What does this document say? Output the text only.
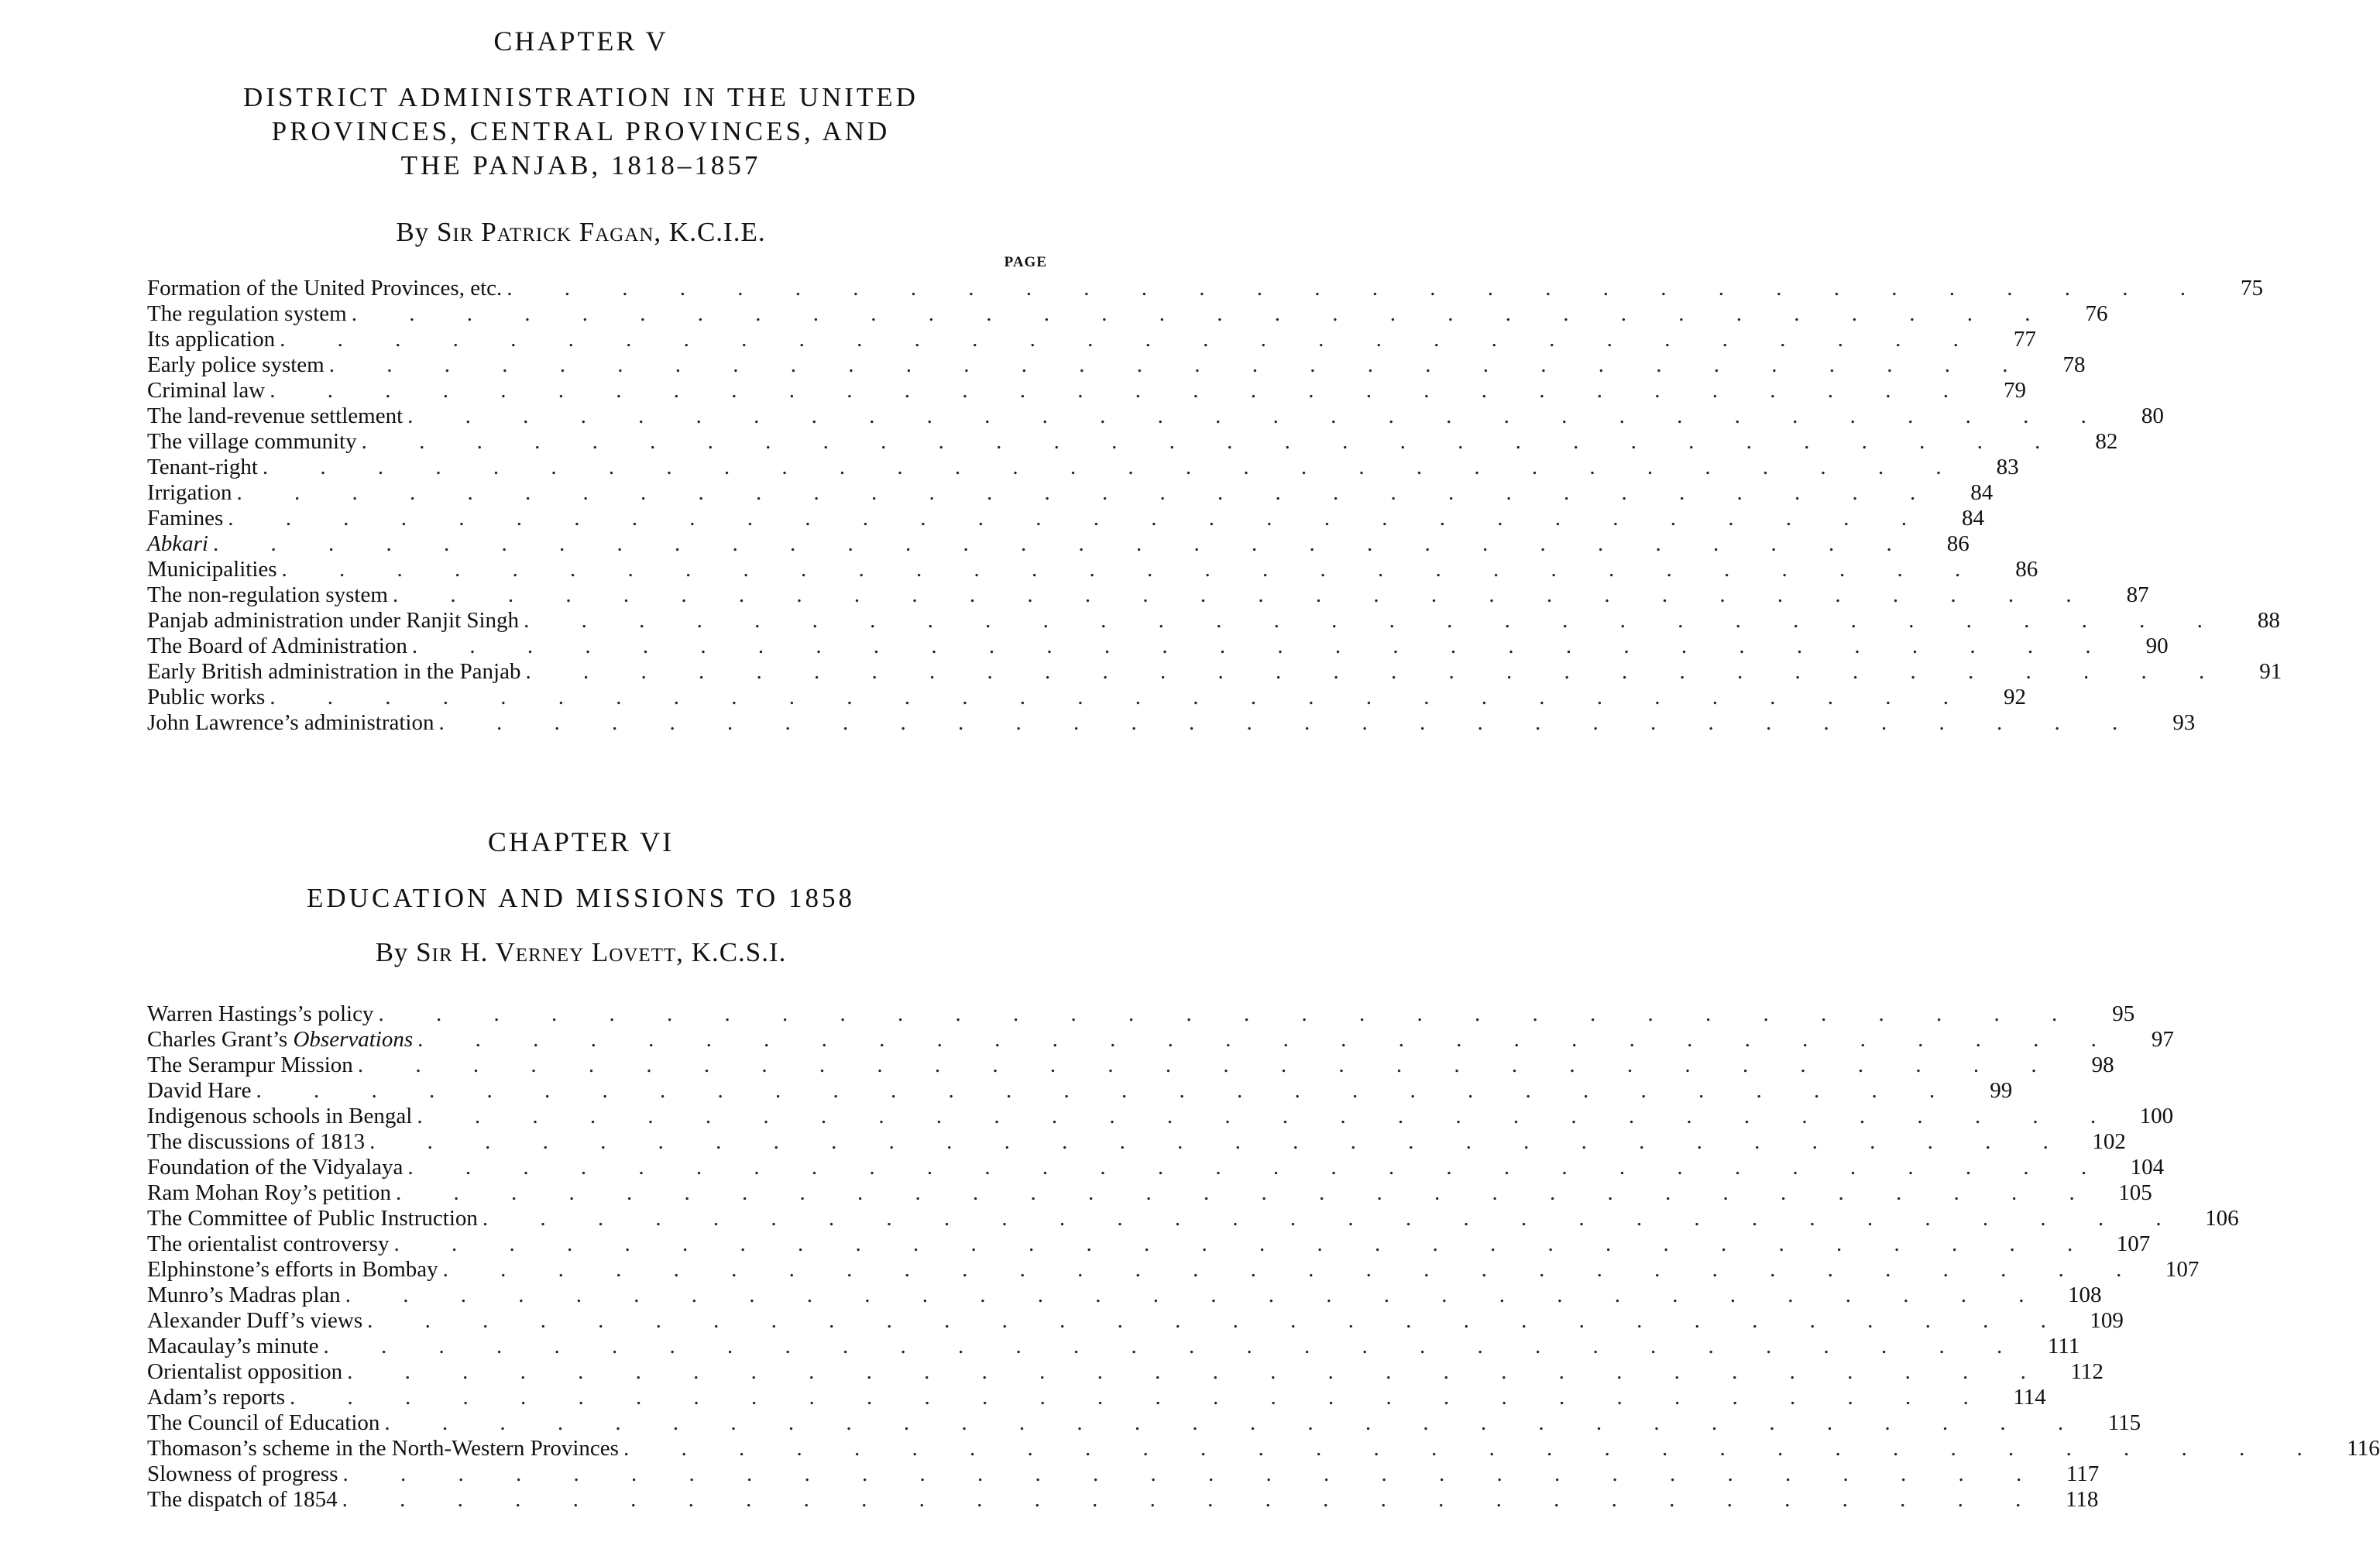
CHAPTER V
DISTRICT ADMINISTRATION IN THE UNITED
PROVINCES, CENTRAL PROVINCES, AND
THE PANJAB, 1818–1857
By Sir Patrick Fagan, K.C.I.E.
PAGE
Formation of the United Provinces, etc. . . . . . . . . . . . . . . . . . . . . . . . . . . . . . .	75
The regulation system . . . . . . . . . . . . . . . . . . . . . . . . . . . . . .	76
Its application . . . . . . . . . . . . . . . . . . . . . . . . . . . . . .	77
Early police system . . . . . . . . . . . . . . . . . . . . . . . . . . . . . .	78
Criminal law . . . . . . . . . . . . . . . . . . . . . . . . . . . . . .	79
The land-revenue settlement . . . . . . . . . . . . . . . . . . . . . . . . . . . . . .	80
The village community . . . . . . . . . . . . . . . . . . . . . . . . . . . . . .	82
Tenant-right . . . . . . . . . . . . . . . . . . . . . . . . . . . . . .	83
Irrigation . . . . . . . . . . . . . . . . . . . . . . . . . . . . . .	84
Famines . . . . . . . . . . . . . . . . . . . . . . . . . . . . . .	84
Abkari . . . . . . . . . . . . . . . . . . . . . . . . . . . . . .	86
Municipalities . . . . . . . . . . . . . . . . . . . . . . . . . . . . . .	86
The non-regulation system . . . . . . . . . . . . . . . . . . . . . . . . . . . . . .	87
Panjab administration under Ranjit Singh . . . . . . . . . . . . . . . . . . . . . . . . . . . . . .	88
The Board of Administration . . . . . . . . . . . . . . . . . . . . . . . . . . . . . .	90
Early British administration in the Panjab . . . . . . . . . . . . . . . . . . . . . . . . . . . . . .	91
Public works . . . . . . . . . . . . . . . . . . . . . . . . . . . . . .	92
John Lawrence’s administration . . . . . . . . . . . . . . . . . . . . . . . . . . . . . .	93
CHAPTER VI
EDUCATION AND MISSIONS TO 1858
By Sir H. Verney Lovett, K.C.S.I.
Warren Hastings’s policy . . . . . . . . . . . . . . . . . . . . . . . . . . . . . .	95
Charles Grant’s Observations . . . . . . . . . . . . . . . . . . . . . . . . . . . . . .	97
The Serampur Mission . . . . . . . . . . . . . . . . . . . . . . . . . . . . . .	98
David Hare . . . . . . . . . . . . . . . . . . . . . . . . . . . . . .	99
Indigenous schools in Bengal . . . . . . . . . . . . . . . . . . . . . . . . . . . . . . 100
The discussions of 1813 . . . . . . . . . . . . . . . . . . . . . . . . . . . . . . 102
Foundation of the Vidyalaya . . . . . . . . . . . . . . . . . . . . . . . . . . . . . . 104
Ram Mohan Roy’s petition . . . . . . . . . . . . . . . . . . . . . . . . . . . . . . 105
The Committee of Public Instruction . . . . . . . . . . . . . . . . . . . . . . . . . . . . . . 106
The orientalist controversy . . . . . . . . . . . . . . . . . . . . . . . . . . . . . . 107
Elphinstone’s efforts in Bombay . . . . . . . . . . . . . . . . . . . . . . . . . . . . . . 107
Munro’s Madras plan . . . . . . . . . . . . . . . . . . . . . . . . . . . . . . 108
Alexander Duff’s views . . . . . . . . . . . . . . . . . . . . . . . . . . . . . . 109
Macaulay’s minute . . . . . . . . . . . . . . . . . . . . . . . . . . . . . . 111
Orientalist opposition . . . . . . . . . . . . . . . . . . . . . . . . . . . . . . 112
Adam’s reports . . . . . . . . . . . . . . . . . . . . . . . . . . . . . . 114
The Council of Education . . . . . . . . . . . . . . . . . . . . . . . . . . . . . . 115
Thomason’s scheme in the North-Western Provinces . . . . . . . . . . . . . . . . . . . . . . . . . . . . . . 116
Slowness of progress . . . . . . . . . . . . . . . . . . . . . . . . . . . . . . 117
The dispatch of 1854 . . . . . . . . . . . . . . . . . . . . . . . . . . . . . . 118
